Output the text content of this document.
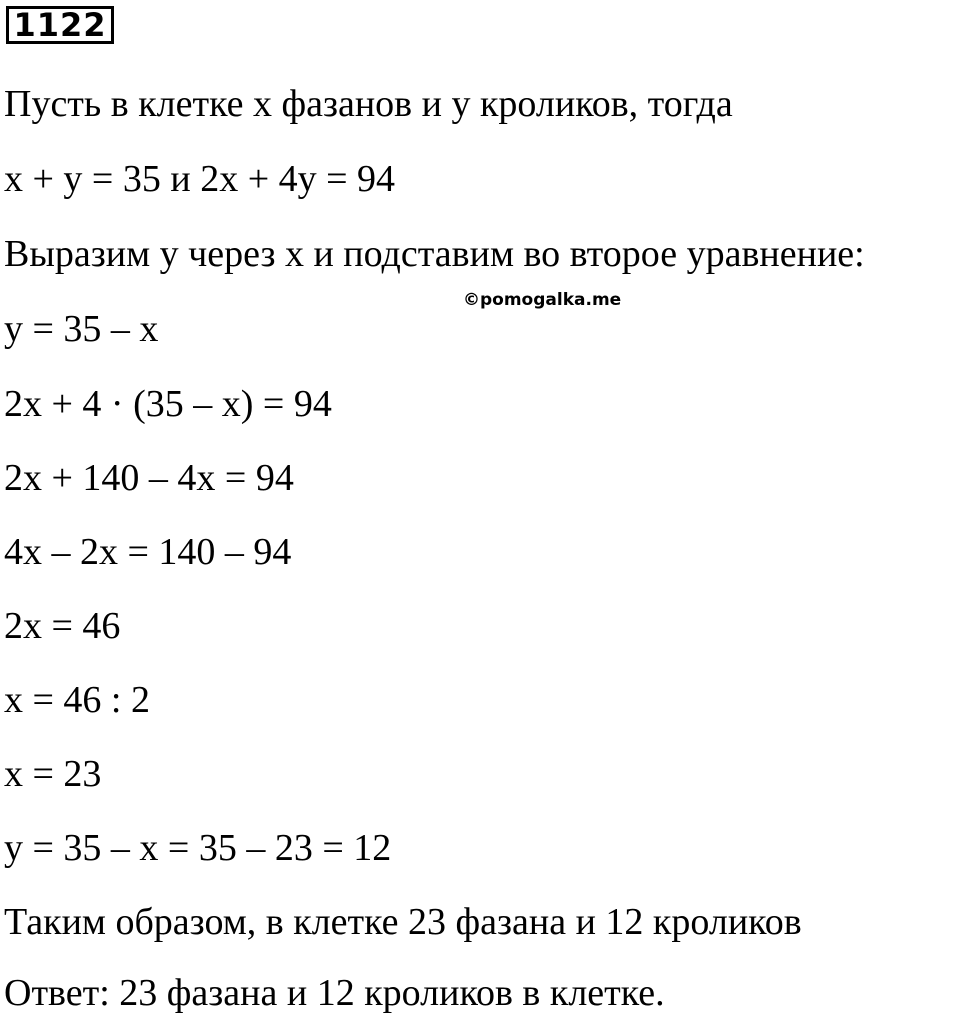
1122
Пусть в клетке x фазанов и y кроликов, тогда
x + y = 35 и 2x + 4y = 94
Выразим y через x и подставим во второе уравнение:
©pomogalka.me
y = 35 – x
2x + 4 · (35 – x) = 94
2x + 140 – 4x = 94
4x – 2x = 140 – 94
2x = 46
x = 46 : 2
x = 23
y = 35 – x = 35 – 23 = 12
Таким образом, в клетке 23 фазана и 12 кроликов
Ответ: 23 фазана и 12 кроликов в клетке.
